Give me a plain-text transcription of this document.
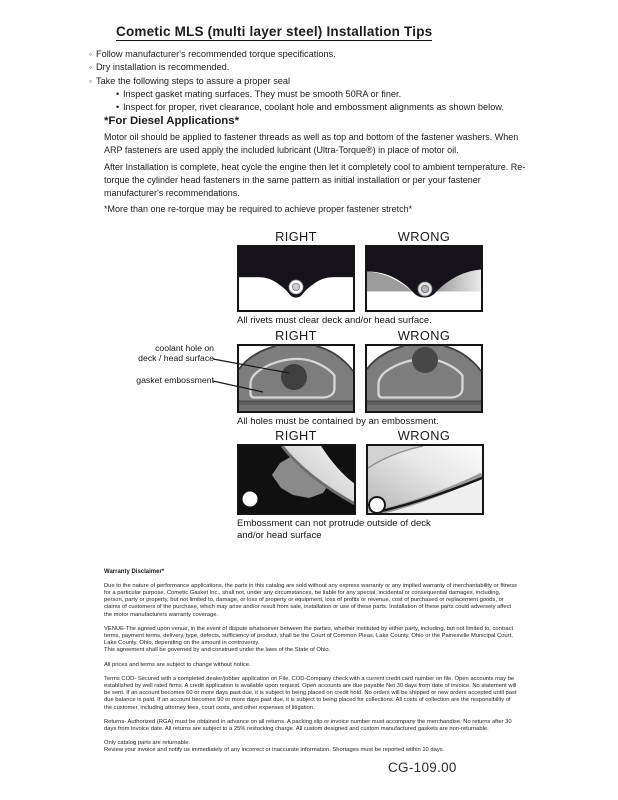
Cometic MLS (multi layer steel) Installation Tips
◦ Follow manufacturer's recommended torque specifications.
◦ Dry installation is recommended.
◦ Take the following steps to assure a proper seal
• Inspect gasket mating surfaces. They must be smooth 50RA or finer.
• Inspect for proper, rivet clearance, coolant hole and embossment alignments as shown below.
*For Diesel Applications*
Motor oil should be applied to fastener threads as well as top and bottom of the fastener washers. When ARP fasteners are used apply the included lubricant (Ultra-Torque®) in place of motor oil.
After Installation is complete, heat cycle the engine then let it completely cool to ambient temperature. Re-torque the cylinder head fasteners in the same pattern as initial installation or per your fastener manufacturer's recommendations.
*More than one re-torque may be required to achieve proper fastener stretch*
RIGHT	WRONG
All rivets must clear deck and/or head surface.
RIGHT	WRONG
All holes must be contained by an embossment.
coolant hole on
deck / head surface
gasket embossment
RIGHT	WRONG
Embossment can not protrude outside of deck and/or head surface

Warranty Disclaimer*

Due to the nature of performance applications, the parts in this catalog are sold without any express warranty or any implied warranty of merchantability or fitness for a particular purpose. Cometic Gasket Inc., shall not, under any circumstances, be liable for any special, incidental or consequential damages, including, person, party or property, but not limited to, damage, or loss of property or equipment, loss of profits or revenue, cost of purchased or replacement goods, or claims of customers of the purchase, which may arise and/or result from sale, installation or use of these parts. Installation of these parts could adversely affect the motor manufacturers warranty coverage.

VENUE-The agreed upon venue, in the event of dispute whatsoever between the parties, whether instituted by either party, including, but not limited to, contract terms, payment terms, delivery, type, defects, sufficiency of product, shall be the Court of Common Pleas, Lake County, Ohio or the Painesville Municipal Court, Lake County, Ohio, depending on the amount in controversy.

This agreement shall be governed by and construed under the laws of the State of Ohio.

All prices and terms are subject to change without notice.

Terms COD- Secured with a completed dealer/jobber application on File, COD-Company check with a current credit card number on file. Open accounts may be established by well rated firms. A credit application is available upon request. Open accounts are due payable Net 30 days from date of invoice. No statement will be sent. If an account becomes 60 or more days past due, it is subject to being placed on credit hold. No orders will be shipped or new orders accepted until past due balance is paid. If an account becomes 90 or more days past due, it is subject to being placed for collections. All costs of collection are the responsibility of the customer, including attorney fees, court costs, and other expenses of litigation.

Returns- Authorized (RGA) must be obtained in advance on all returns. A packing slip or invoice number must accompany the merchandise. No returns after 30 days from invoice date. All returns are subject to a 25% restocking charge. All custom designed and custom manufactured gaskets are non-returnable.

Only catalog parts are returnable.

Review your invoice and notify us immediately of any incorrect or inaccurate information. Shortages must be reported within 10 days.

CG-109.00
